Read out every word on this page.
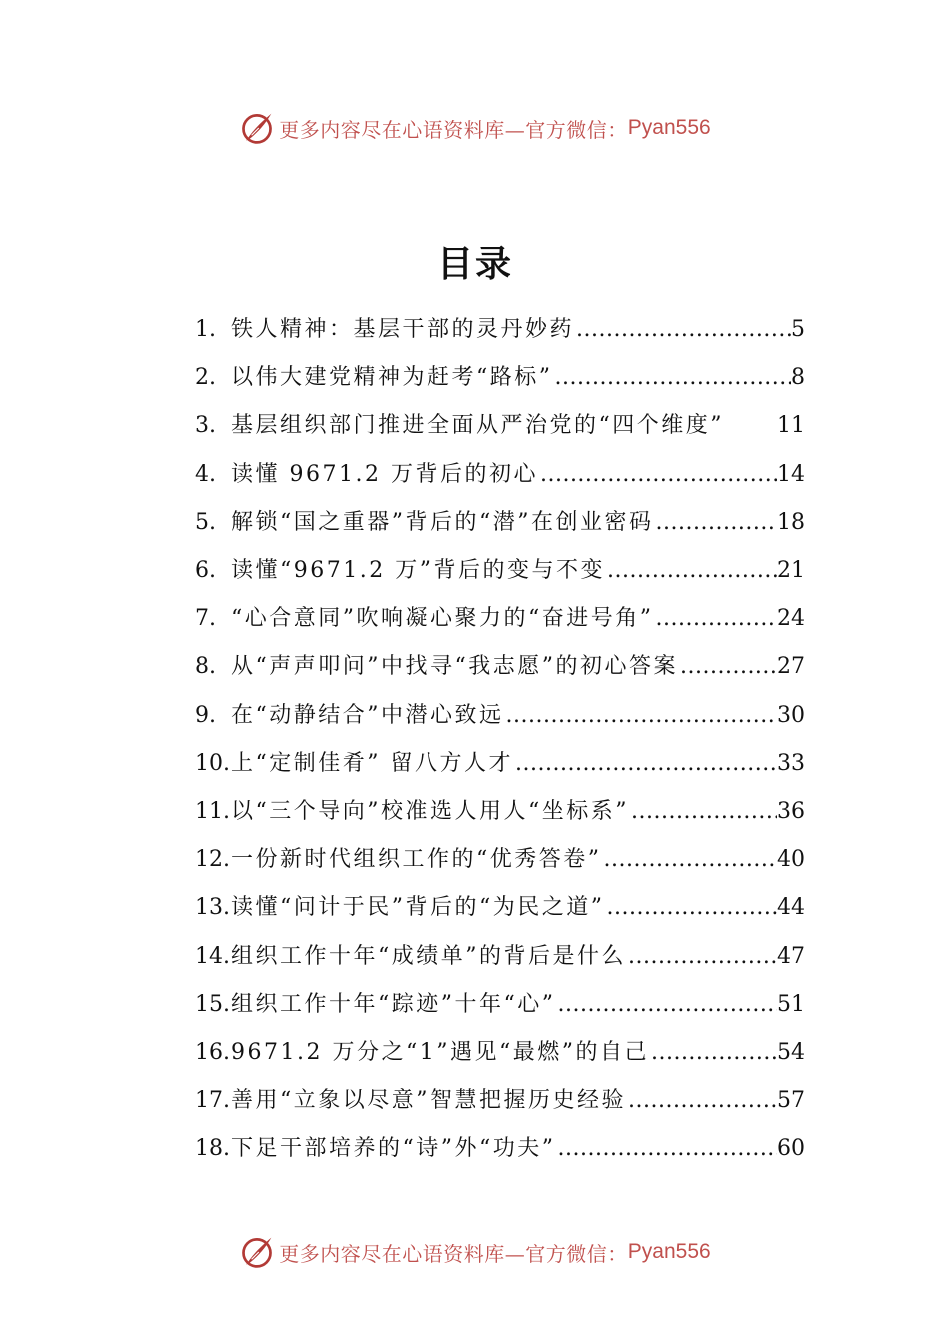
更多内容尽在心语资料库—官方微信： Pyan556
目录
1. 铁人精神：基层干部的灵丹妙药 .....	5
2. 以伟大建党精神为赶考“路标” .....	8
3. 基层组织部门推进全面从严治党的“四个维度” 11
4. 读懂 9671.2 万背后的初心 .....	14
5. 解锁“国之重器”背后的“潜”在创业密码 .....	18
6. 读懂“9671.2 万”背后的变与不变 .....	21
7. “心合意同”吹响凝心聚力的“奋进号角” .....	24
8. 从“声声叩问”中找寻“我志愿”的初心答案 .....	27
9. 在“动静结合”中潜心致远 .....	30
10. 上“定制佳肴” 留八方人才 .....	33
11. 以“三个导向”校准选人用人“坐标系” .....	36
12. 一份新时代组织工作的“优秀答卷” .....	40
13. 读懂“问计于民”背后的“为民之道” .....	44
14. 组织工作十年“成绩单”的背后是什么 .....	47
15. 组织工作十年“踪迹”十年“心” .....	51
16. 9671.2 万分之“1”遇见“最燃”的自己 .....	54
17. 善用“立象以尽意”智慧把握历史经验 .....	57
18. 下足干部培养的“诗”外“功夫” .....	60
更多内容尽在心语资料库—官方微信： Pyan556
